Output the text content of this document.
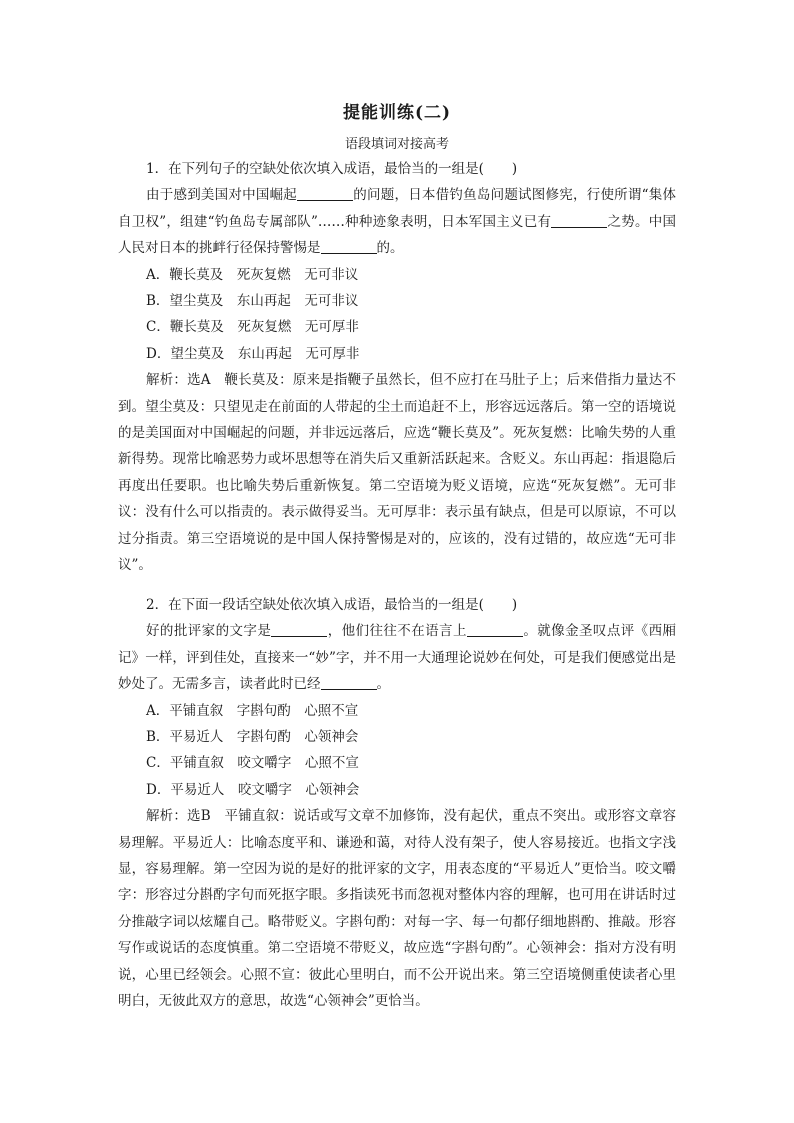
提能训练(二)
语段填词对接高考

1．在下列句子的空缺处依次填入成语，最恰当的一组是( )

由于感到美国对中国崛起	的问题，日本借钓鱼岛问题试图修宪，行使所谓“集体自卫权”，组建“钓鱼岛专属部队”……种种迹象表明，日本军国主义已有	之势。中国人民对日本的挑衅行径保持警惕是	的。

A．鞭长莫及　死灰复燃　无可非议

B．望尘莫及　东山再起　无可非议

C．鞭长莫及　死灰复燃　无可厚非

D．望尘莫及　东山再起　无可厚非

解析：选A　鞭长莫及：原来是指鞭子虽然长，但不应打在马肚子上；后来借指力量达不到。望尘莫及：只望见走在前面的人带起的尘土而追赶不上，形容远远落后。第一空的语境说的是美国面对中国崛起的问题，并非远远落后，应选“鞭长莫及”。死灰复燃：比喻失势的人重新得势。现常比喻恶势力或坏思想等在消失后又重新活跃起来。含贬义。东山再起：指退隐后再度出任要职。也比喻失势后重新恢复。第二空语境为贬义语境，应选“死灰复燃”。无可非议：没有什么可以指责的。表示做得妥当。无可厚非：表示虽有缺点，但是可以原谅，不可以过分指责。第三空语境说的是中国人保持警惕是对的，应该的，没有过错的，故应选“无可非议”。

2．在下面一段话空缺处依次填入成语，最恰当的一组是( )

好的批评家的文字是	，他们往往不在语言上	。就像金圣叹点评《西厢记》一样，评到佳处，直接来一“妙”字，并不用一大通理论说妙在何处，可是我们便感觉出是妙处了。无需多言，读者此时已经	。

A．平铺直叙　字斟句酌　心照不宣

B．平易近人　字斟句酌　心领神会

C．平铺直叙　咬文嚼字　心照不宣

D．平易近人　咬文嚼字　心领神会

解析：选B　平铺直叙：说话或写文章不加修饰，没有起伏，重点不突出。或形容文章容易理解。平易近人：比喻态度平和、谦逊和蔼，对待人没有架子，使人容易接近。也指文字浅显，容易理解。第一空因为说的是好的批评家的文字，用表态度的“平易近人”更恰当。咬文嚼字：形容过分斟酌字句而死抠字眼。多指读死书而忽视对整体内容的理解，也可用在讲话时过分推敲字词以炫耀自己。略带贬义。字斟句酌：对每一字、每一句都仔细地斟酌、推敲。形容写作或说话的态度慎重。第二空语境不带贬义，故应选“字斟句酌”。心领神会：指对方没有明说，心里已经领会。心照不宣：彼此心里明白，而不公开说出来。第三空语境侧重使读者心里明白，无彼此双方的意思，故选“心领神会”更恰当。
